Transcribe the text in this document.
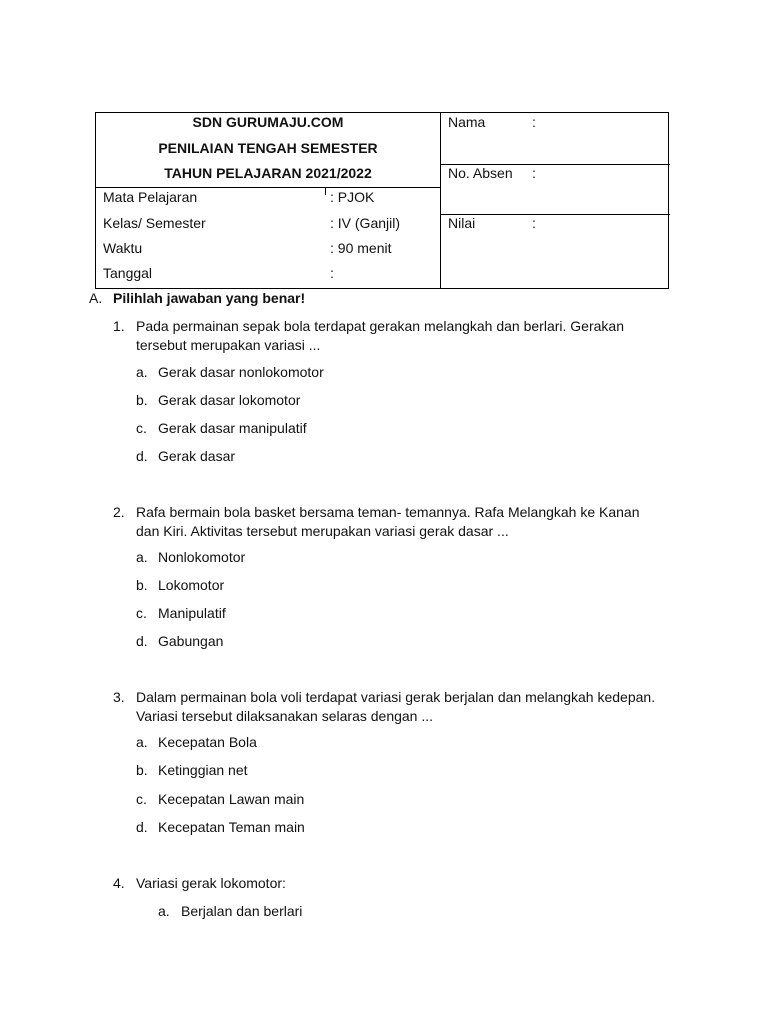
SDN GURUMAJU.COM
PENILAIAN TENGAH SEMESTER
TAHUN PELAJARAN 2021/2022
Mata Pelajaran	: PJOK
Kelas/ Semester	: IV (Ganjil)
Waktu	: 90 menit
Tanggal	:
Nama	:
No. Absen :
Nilai	:
A. Pilihlah jawaban yang benar!
1. Pada permainan sepak bola terdapat gerakan melangkah dan berlari. Gerakan tersebut merupakan variasi ...
a. Gerak dasar nonlokomotor
b. Gerak dasar lokomotor
c. Gerak dasar manipulatif
d. Gerak dasar
2. Rafa bermain bola basket bersama teman- temannya. Rafa Melangkah ke Kanan dan Kiri. Aktivitas tersebut merupakan variasi gerak dasar ...
a. Nonlokomotor
b. Lokomotor
c. Manipulatif
d. Gabungan
3. Dalam permainan bola voli terdapat variasi gerak berjalan dan melangkah kedepan. Variasi tersebut dilaksanakan selaras dengan ...
a. Kecepatan Bola
b. Ketinggian net
c. Kecepatan Lawan main
d. Kecepatan Teman main
4. Variasi gerak lokomotor:
a. Berjalan dan berlari
